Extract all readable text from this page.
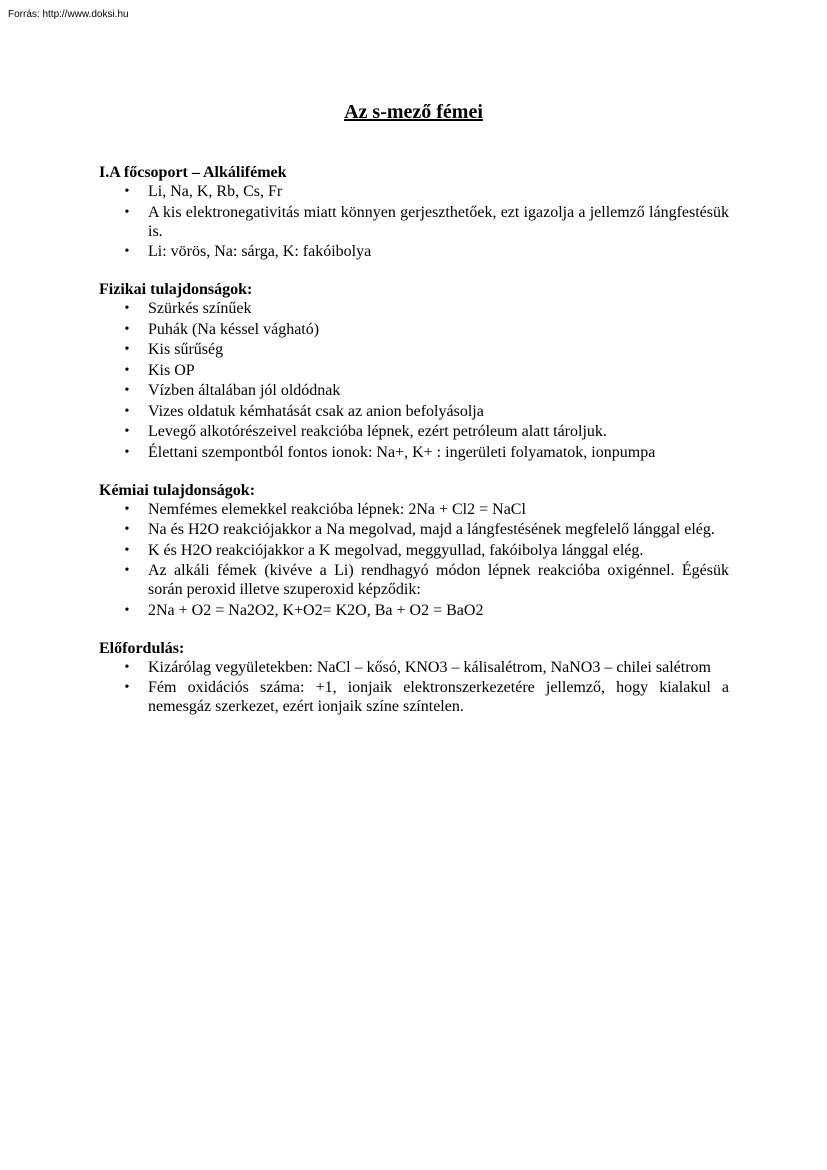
Forrás: http://www.doksi.hu
Az s-mező fémei

I.A főcsoport – Alkálifémek

• Li, Na, K, Rb, Cs, Fr
• A kis elektronegativitás miatt könnyen gerjeszthetőek, ezt igazolja a jellemző lángfestésük is.
• Li: vörös, Na: sárga, K: fakóibolya

Fizikai tulajdonságok:

• Szürkés színűek
• Puhák (Na késsel vágható)
• Kis sűrűség
• Kis OP
• Vízben általában jól oldódnak
• Vizes oldatuk kémhatását csak az anion befolyásolja
• Levegő alkotórészeivel reakcióba lépnek, ezért petróleum alatt tároljuk.
• Élettani szempontból fontos ionok: Na+, K+ : ingerületi folyamatok, ionpumpa

Kémiai tulajdonságok:

• Nemfémes elemekkel reakcióba lépnek: 2Na + Cl2 = NaCl
• Na és H2O reakciójakkor a Na megolvad, majd a lángfestésének megfelelő lánggal elég.
• K és H2O reakciójakkor a K megolvad, meggyullad, fakóibolya lánggal elég.
• Az alkáli fémek (kivéve a Li) rendhagyó módon lépnek reakcióba oxigénnel. Égésük során peroxid illetve szuperoxid képződik:
• 2Na + O2 = Na2O2, K+O2= K2O, Ba + O2 = BaO2

Előfordulás:

• Kizárólag vegyületekben: NaCl – kősó, KNO3 – kálisalétrom, NaNO3 – chilei salétrom
• Fém oxidációs száma: +1, ionjaik elektronszerkezetére jellemző, hogy kialakul a nemesgáz szerkezet, ezért ionjaik színe színtelen.
